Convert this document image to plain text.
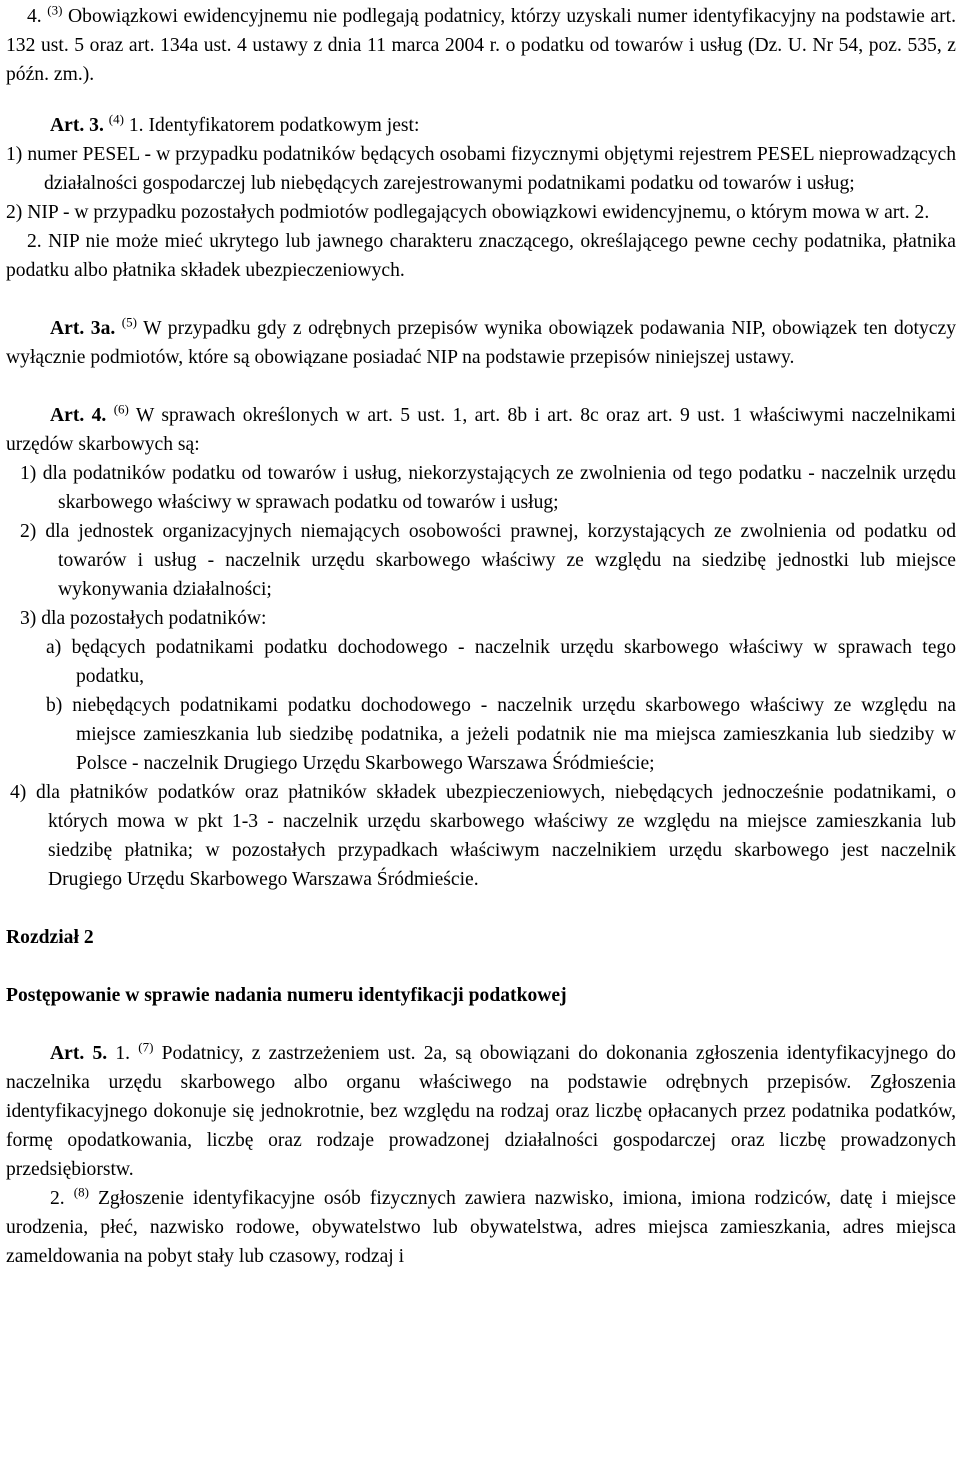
4. $^{(3)}$ Obowiązkowi ewidencyjnemu nie podlegają podatnicy, którzy uzyskali numer identyfikacyjny na podstawie art. 132 ust. 5 oraz art. 134a ust. 4 ustawy z dnia 11 marca 2004 r. o podatku od towarów i usług (Dz. U. Nr 54, poz. 535, z późn. zm.).

Art. 3. $^{(4)}$ 1. Identyfikatorem podatkowym jest:

1) numer PESEL - w przypadku podatników będących osobami fizycznymi objętymi rejestrem PESEL nieprowadzących działalności gospodarczej lub niebędących zarejestrowanymi podatnikami podatku od towarów i usług;

2) NIP - w przypadku pozostałych podmiotów podlegających obowiązkowi ewidencyjnemu, o którym mowa w art. 2.

2. NIP nie może mieć ukrytego lub jawnego charakteru znaczącego, określającego pewne cechy podatnika, płatnika podatku albo płatnika składek ubezpieczeniowych.

Art. 3a. $^{(5)}$ W przypadku gdy z odrębnych przepisów wynika obowiązek podawania NIP, obowiązek ten dotyczy wyłącznie podmiotów, które są obowiązane posiadać NIP na podstawie przepisów niniejszej ustawy.

Art. 4. $^{(6)}$ W sprawach określonych w art. 5 ust. 1, art. 8b i art. 8c oraz art. 9 ust. 1 właściwymi naczelnikami urzędów skarbowych są:

1) dla podatników podatku od towarów i usług, niekorzystających ze zwolnienia od tego podatku - naczelnik urzędu skarbowego właściwy w sprawach podatku od towarów i usług;

2) dla jednostek organizacyjnych niemających osobowości prawnej, korzystających ze zwolnienia od podatku od towarów i usług - naczelnik urzędu skarbowego właściwy ze względu na siedzibę jednostki lub miejsce wykonywania działalności;

3) dla pozostałych podatników:

a) będących podatnikami podatku dochodowego - naczelnik urzędu skarbowego właściwy w sprawach tego podatku,

b) niebędących podatnikami podatku dochodowego - naczelnik urzędu skarbowego właściwy ze względu na miejsce zamieszkania lub siedzibę podatnika, a jeżeli podatnik nie ma miejsca zamieszkania lub siedziby w Polsce - naczelnik Drugiego Urzędu Skarbowego Warszawa Śródmieście;

4) dla płatników podatków oraz płatników składek ubezpieczeniowych, niebędących jednocześnie podatnikami, o których mowa w pkt 1-3 - naczelnik urzędu skarbowego właściwy ze względu na miejsce zamieszkania lub siedzibę płatnika; w pozostałych przypadkach właściwym naczelnikiem urzędu skarbowego jest naczelnik Drugiego Urzędu Skarbowego Warszawa Śródmieście.

Rozdział 2

Postępowanie w sprawie nadania numeru identyfikacji podatkowej

Art. 5. 1. $^{(7)}$ Podatnicy, z zastrzeżeniem ust. 2a, są obowiązani do dokonania zgłoszenia identyfikacyjnego do naczelnika urzędu skarbowego albo organu właściwego na podstawie odrębnych przepisów. Zgłoszenia identyfikacyjnego dokonuje się jednokrotnie, bez względu na rodzaj oraz liczbę opłacanych przez podatnika podatków, formę opodatkowania, liczbę oraz rodzaje prowadzonej działalności gospodarczej oraz liczbę prowadzonych przedsiębiorstw.

2. $^{(8)}$ Zgłoszenie identyfikacyjne osób fizycznych zawiera nazwisko, imiona, imiona rodziców, datę i miejsce urodzenia, płeć, nazwisko rodowe, obywatelstwo lub obywatelstwa, adres miejsca zamieszkania, adres miejsca zameldowania na pobyt stały lub czasowy, rodzaj i
